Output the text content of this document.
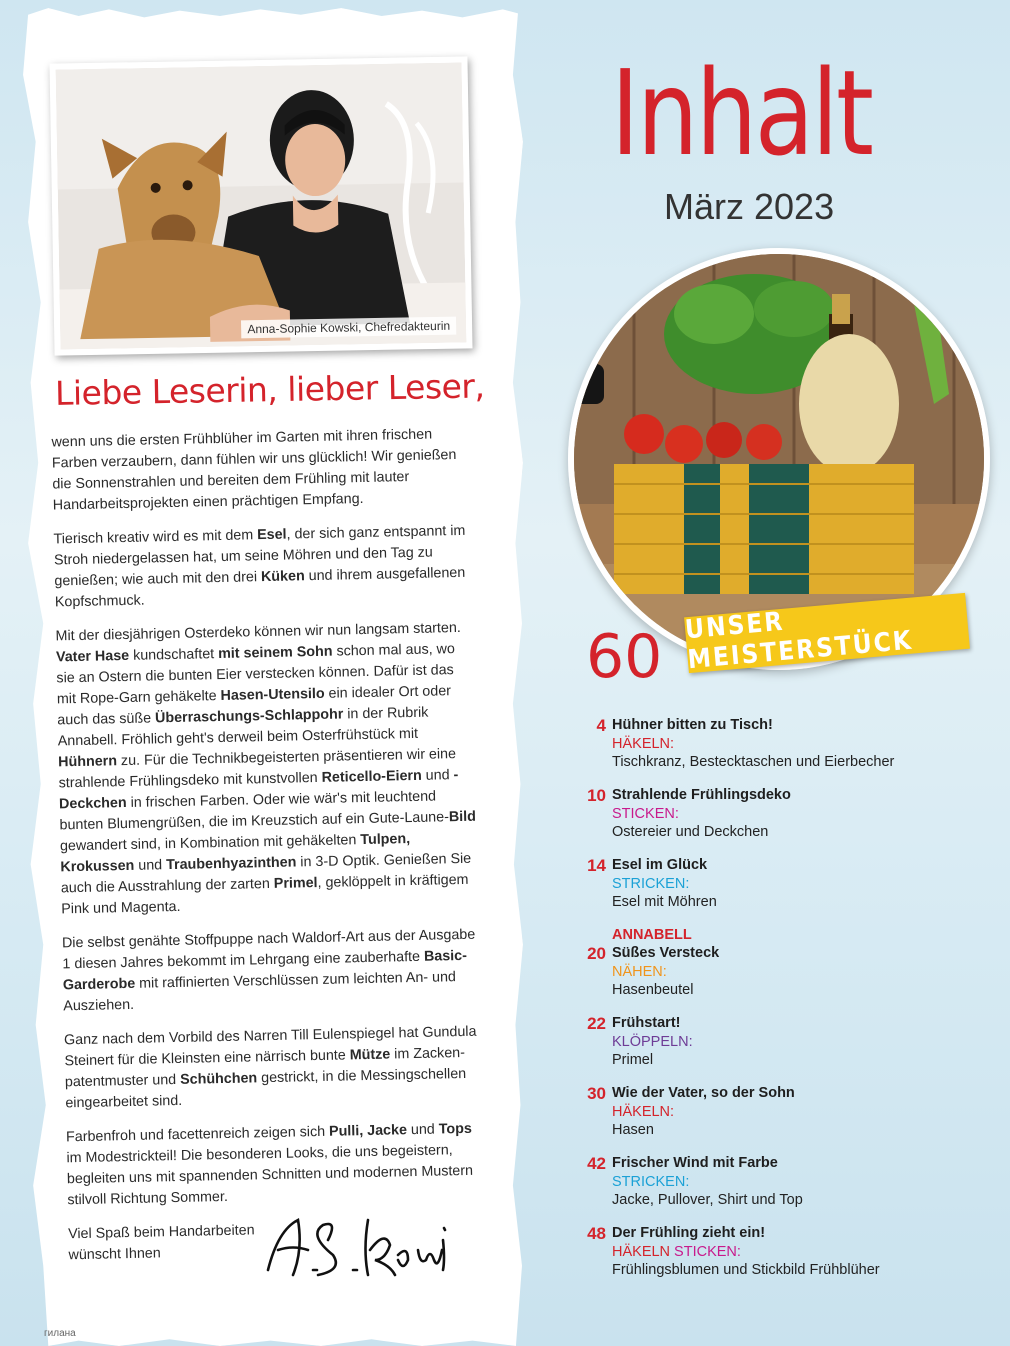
Anna-Sophie Kowski, Chefredakteurin
Liebe Leserin, lieber Leser,

wenn uns die ersten Frühblüher im Garten mit ihren frischen Farben verzaubern, dann fühlen wir uns glücklich! Wir genießen die Sonnenstrahlen und bereiten dem Frühling mit lauter Handarbeitsprojekten einen prächtigen Empfang.

Tierisch kreativ wird es mit dem Esel, der sich ganz entspannt im Stroh niedergelassen hat, um seine Möhren und den Tag zu genießen; wie auch mit den drei Küken und ihrem ausgefallenen Kopfschmuck.

Mit der diesjährigen Osterdeko können wir nun langsam starten. Vater Hase kundschaftet mit seinem Sohn schon mal aus, wo sie an Ostern die bunten Eier verstecken können. Dafür ist das mit Rope-Garn gehäkelte Hasen-Utensilo ein idealer Ort oder auch das süße Überraschungs-Schlappohr in der Rubrik Annabell. Fröhlich geht's derweil beim Osterfrühstück mit Hühnern zu. Für die Technikbegeisterten präsentieren wir eine strahlende Frühlingsdeko mit kunstvollen Reticello-Eiern und -Deckchen in frischen Farben. Oder wie wär's mit leuchtend bunten Blumengrüßen, die im Kreuzstich auf ein Gute-Laune-Bild gewandert sind, in Kombination mit gehäkelten Tulpen, Krokussen und Traubenhyazinthen in 3-D Optik. Genießen Sie auch die Ausstrahlung der zarten Primel, geklöppelt in kräftigem Pink und Magenta.

Die selbst genähte Stoffpuppe nach Waldorf-Art aus der Ausgabe 1 diesen Jahres bekommt im Lehrgang eine zauberhafte Basic-Garderobe mit raffinierten Verschlüssen zum leichten An- und Ausziehen.

Ganz nach dem Vorbild des Narren Till Eulenspiegel hat Gundula Steinert für die Kleinsten eine närrisch bunte Mütze im Zackenpatentmuster und Schühchen gestrickt, in die Messingschellen eingearbeitet sind.

Farbenfroh und facettenreich zeigen sich Pulli, Jacke und Tops im Modestrickteil! Die besonderen Looks, die uns begeistern, begleiten uns mit spannenden Schnitten und modernen Mustern stilvoll Richtung Sommer.

Viel Spaß beim Handarbeiten
wünscht Ihnen
гилана
Inhalt
März 2023
60 UNSER MEISTERSTÜCK
4 Hühner bitten zu Tisch!
HÄKELN:
Tischkranz, Bestecktaschen und Eierbecher
10 Strahlende Frühlingsdeko
STICKEN:
Ostereier und Deckchen
14 Esel im Glück
STRICKEN:
Esel mit Möhren
ANNABELL
20 Süßes Versteck
NÄHEN:
Hasenbeutel
22 Frühstart!
KLÖPPELN:
Primel
30 Wie der Vater, so der Sohn
HÄKELN:
Hasen
42 Frischer Wind mit Farbe
STRICKEN:
Jacke, Pullover, Shirt und Top
48 Der Frühling zieht ein!
HÄKELN STICKEN:
Frühlingsblumen und Stickbild Frühblüher
